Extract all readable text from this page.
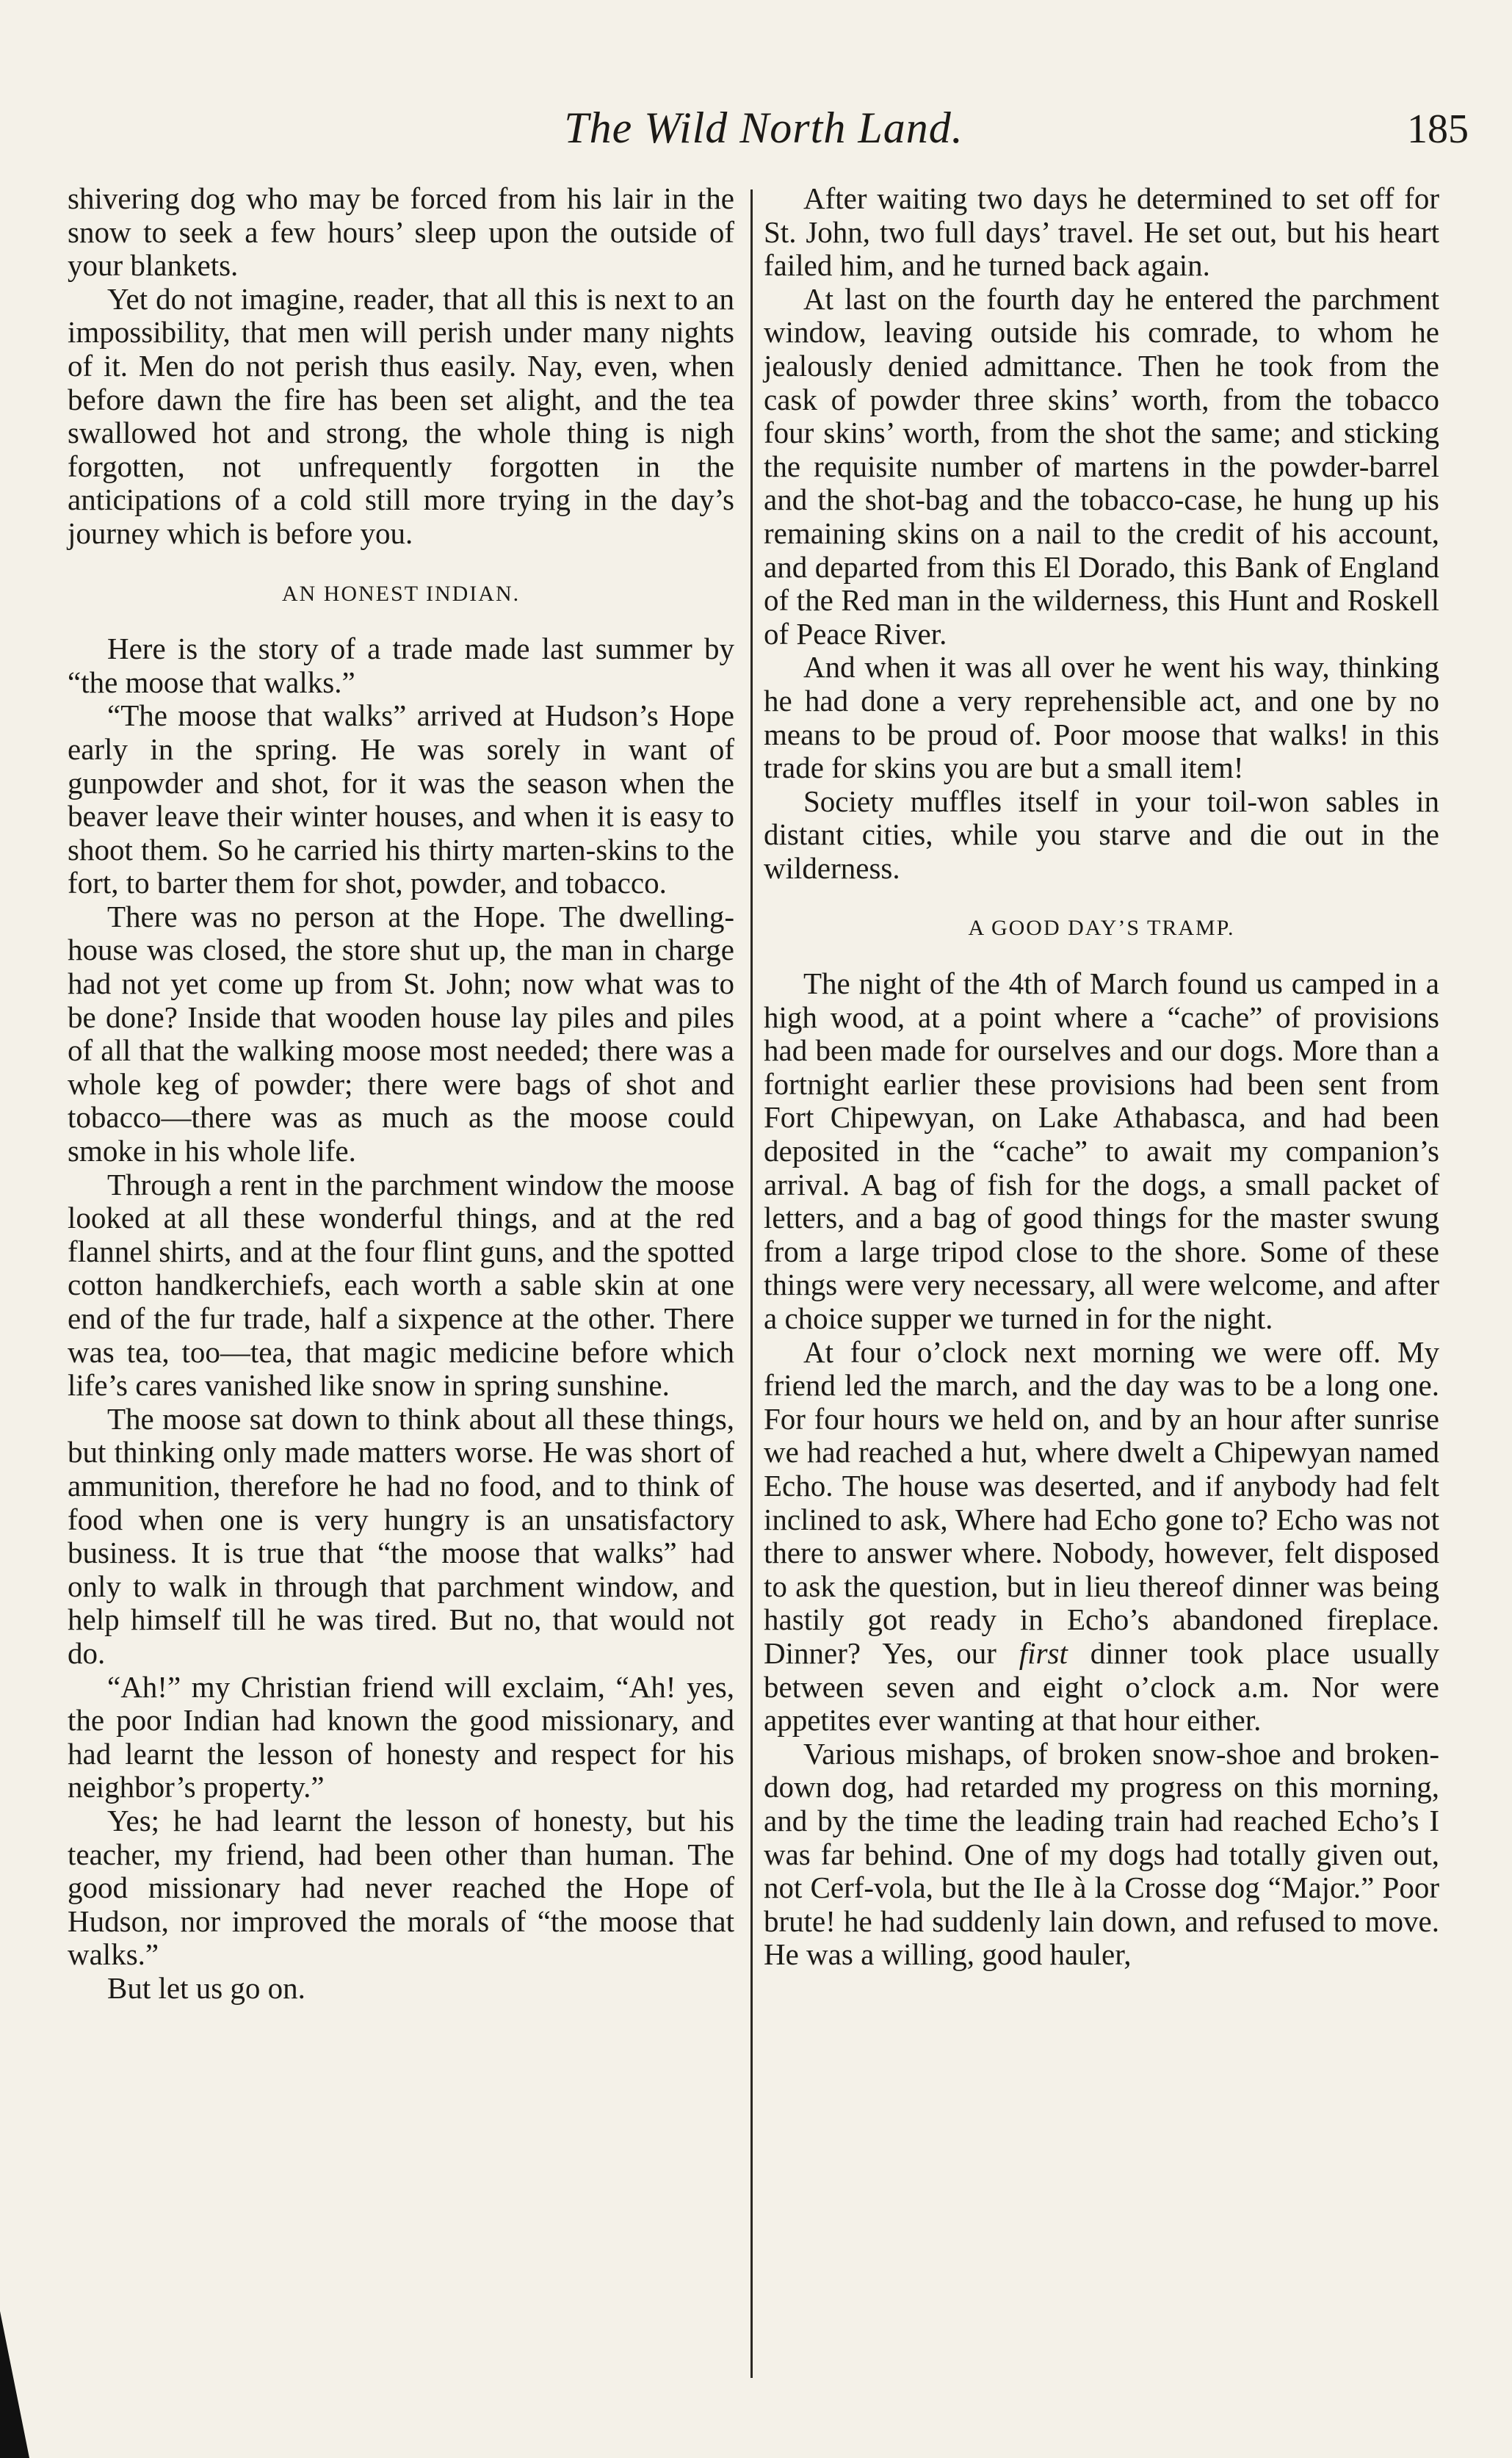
The Wild North Land.	185

shivering dog who may be forced from his lair in the snow to seek a few hours’ sleep upon the outside of your blankets.

Yet do not imagine, reader, that all this is next to an impossibility, that men will perish under many nights of it. Men do not perish thus easily. Nay, even, when before dawn the fire has been set alight, and the tea swallowed hot and strong, the whole thing is nigh forgotten, not unfrequently forgotten in the anticipations of a cold still more trying in the day’s journey which is before you.

AN HONEST INDIAN.

Here is the story of a trade made last summer by “the moose that walks.”

“The moose that walks” arrived at Hudson’s Hope early in the spring. He was sorely in want of gunpowder and shot, for it was the season when the beaver leave their winter houses, and when it is easy to shoot them. So he carried his thirty marten-skins to the fort, to barter them for shot, powder, and tobacco.

There was no person at the Hope. The dwelling-house was closed, the store shut up, the man in charge had not yet come up from St. John; now what was to be done? Inside that wooden house lay piles and piles of all that the walking moose most needed; there was a whole keg of powder; there were bags of shot and tobacco—there was as much as the moose could smoke in his whole life.

Through a rent in the parchment window the moose looked at all these wonderful things, and at the red flannel shirts, and at the four flint guns, and the spotted cotton handkerchiefs, each worth a sable skin at one end of the fur trade, half a sixpence at the other. There was tea, too—tea, that magic medicine before which life’s cares vanished like snow in spring sunshine.

The moose sat down to think about all these things, but thinking only made matters worse. He was short of ammunition, therefore he had no food, and to think of food when one is very hungry is an unsatisfactory business. It is true that “the moose that walks” had only to walk in through that parchment window, and help himself till he was tired. But no, that would not do.

“Ah!” my Christian friend will exclaim, “Ah! yes, the poor Indian had known the good missionary, and had learnt the lesson of honesty and respect for his neighbor’s property.”

Yes; he had learnt the lesson of honesty, but his teacher, my friend, had been other than human. The good missionary had never reached the Hope of Hudson, nor improved the morals of “the moose that walks.”

But let us go on.

After waiting two days he determined to set off for St. John, two full days’ travel. He set out, but his heart failed him, and he turned back again.

At last on the fourth day he entered the parchment window, leaving outside his comrade, to whom he jealously denied admittance. Then he took from the cask of powder three skins’ worth, from the tobacco four skins’ worth, from the shot the same; and sticking the requisite number of martens in the powder-barrel and the shot-bag and the tobacco-case, he hung up his remaining skins on a nail to the credit of his account, and departed from this El Dorado, this Bank of England of the Red man in the wilderness, this Hunt and Roskell of Peace River.

And when it was all over he went his way, thinking he had done a very reprehensible act, and one by no means to be proud of. Poor moose that walks! in this trade for skins you are but a small item!

Society muffles itself in your toil-won sables in distant cities, while you starve and die out in the wilderness.

A GOOD DAY’S TRAMP.

The night of the 4th of March found us camped in a high wood, at a point where a “cache” of provisions had been made for ourselves and our dogs. More than a fortnight earlier these provisions had been sent from Fort Chipewyan, on Lake Athabasca, and had been deposited in the “cache” to await my companion’s arrival. A bag of fish for the dogs, a small packet of letters, and a bag of good things for the master swung from a large tripod close to the shore. Some of these things were very necessary, all were welcome, and after a choice supper we turned in for the night.

At four o’clock next morning we were off. My friend led the march, and the day was to be a long one. For four hours we held on, and by an hour after sunrise we had reached a hut, where dwelt a Chipewyan named Echo. The house was deserted, and if anybody had felt inclined to ask, Where had Echo gone to? Echo was not there to answer where. Nobody, however, felt disposed to ask the question, but in lieu thereof dinner was being hastily got ready in Echo’s abandoned fireplace. Dinner? Yes, our first dinner took place usually between seven and eight o’clock a.m. Nor were appetites ever wanting at that hour either.

Various mishaps, of broken snow-shoe and broken-down dog, had retarded my progress on this morning, and by the time the leading train had reached Echo’s I was far behind. One of my dogs had totally given out, not Cerf-vola, but the Ile à la Crosse dog “Major.” Poor brute! he had suddenly lain down, and refused to move. He was a willing, good hauler,
